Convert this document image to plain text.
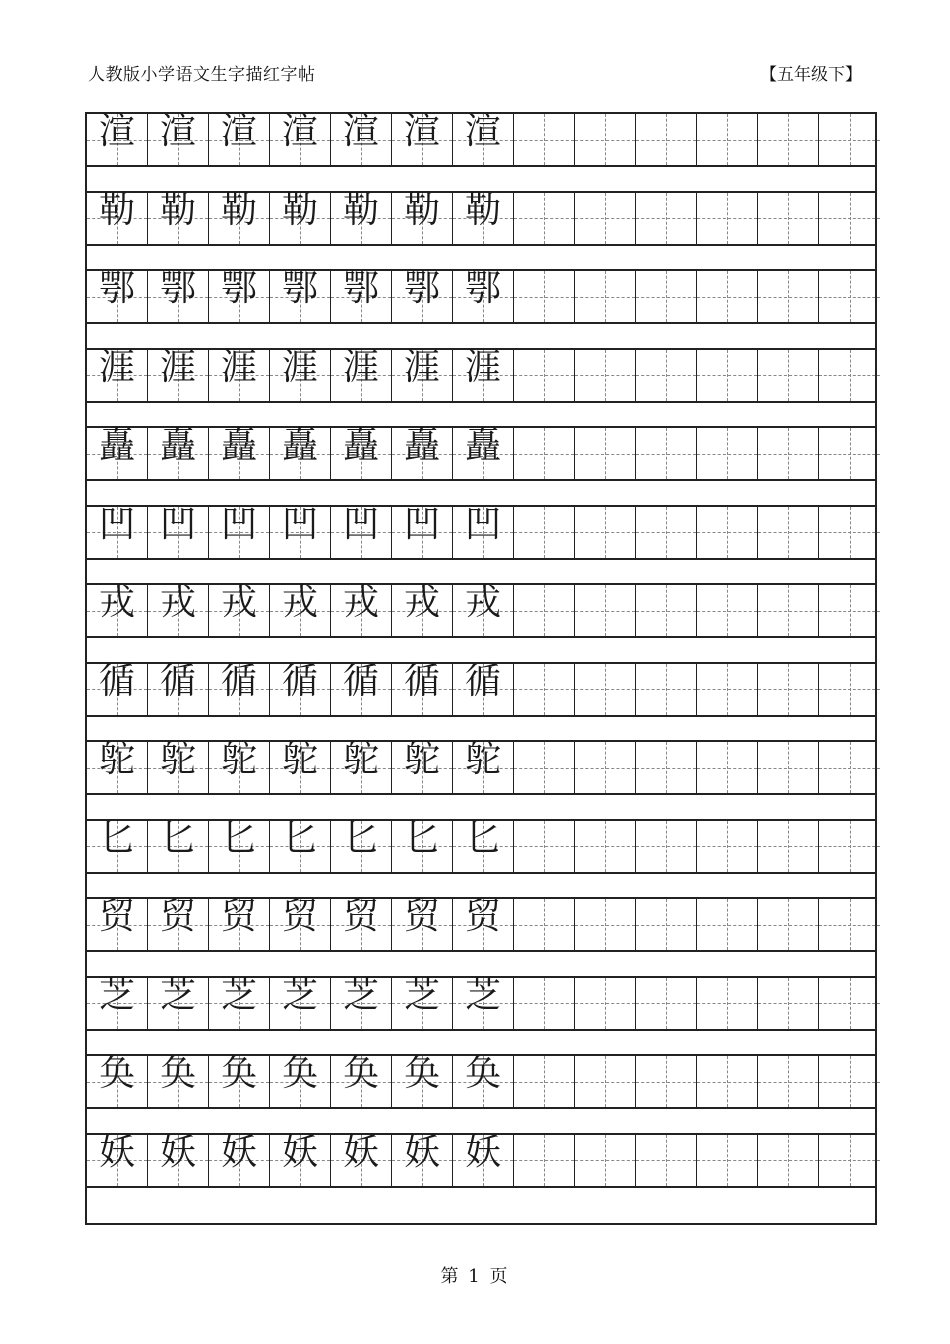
人教版小学语文生字描红字帖	【五年级下】
渲 渲 渲 渲 渲 渲 渲
勒 勒 勒 勒 勒 勒 勒
鄂 鄂 鄂 鄂 鄂 鄂 鄂
涯 涯 涯 涯 涯 涯 涯
矗 矗 矗 矗 矗 矗 矗
凹 凹 凹 凹 凹 凹 凹
戎 戎 戎 戎 戎 戎 戎
循 循 循 循 循 循 循
鸵 鸵 鸵 鸵 鸵 鸵 鸵
匕 匕 匕 匕 匕 匕 匕
贸 贸 贸 贸 贸 贸 贸
芝 芝 芝 芝 芝 芝 芝
奂 奂 奂 奂 奂 奂 奂
妖 妖 妖 妖 妖 妖 妖
第 1 页
